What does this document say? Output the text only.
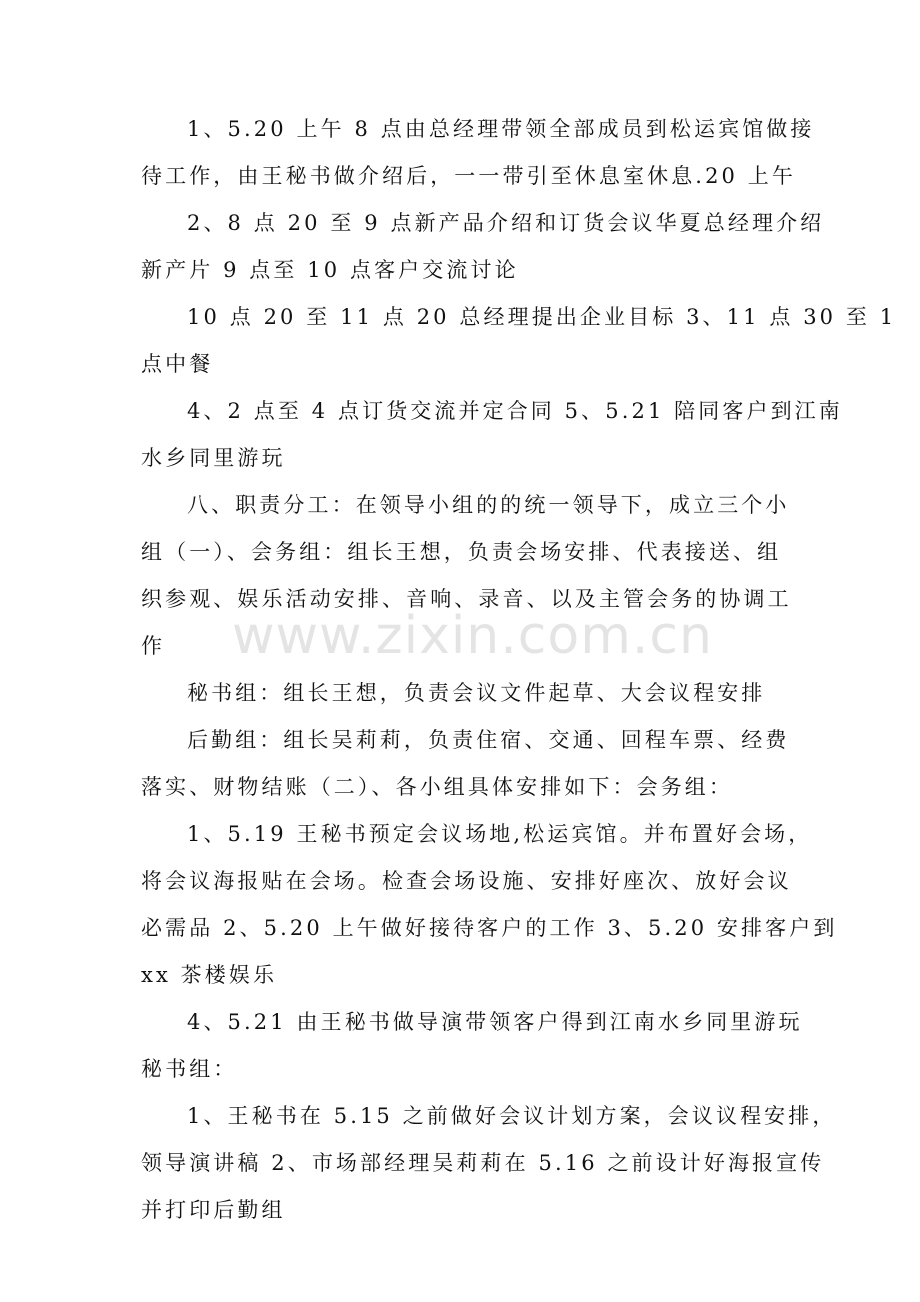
1、5.20 上午 8 点由总经理带领全部成员到松运宾馆做接
待工作，由王秘书做介绍后，一一带引至休息室休息.20 上午
2、8 点 20 至 9 点新产品介绍和订货会议华夏总经理介绍
新产片 9 点至 10 点客户交流讨论
10 点 20 至 11 点 20 总经理提出企业目标 3、11 点 30 至 1
点中餐
4、2 点至 4 点订货交流并定合同 5、5.21 陪同客户到江南
水乡同里游玩
八、职责分工：在领导小组的的统一领导下，成立三个小
组（一）、会务组：组长王想，负责会场安排、代表接送、组
织参观、娱乐活动安排、音响、录音、以及主管会务的协调工
作
秘书组：组长王想，负责会议文件起草、大会议程安排
后勤组：组长吴莉莉，负责住宿、交通、回程车票、经费
落实、财物结账（二）、各小组具体安排如下：会务组：
1、5.19 王秘书预定会议场地,松运宾馆。并布置好会场，
将会议海报贴在会场。检查会场设施、安排好座次、放好会议
必需品 2、5.20 上午做好接待客户的工作 3、5.20 安排客户到
xx 茶楼娱乐
4、5.21 由王秘书做导演带领客户得到江南水乡同里游玩
秘书组：
1、王秘书在 5.15 之前做好会议计划方案，会议议程安排，
领导演讲稿 2、市场部经理吴莉莉在 5.16 之前设计好海报宣传
并打印后勤组
www.zixin.com.cn
